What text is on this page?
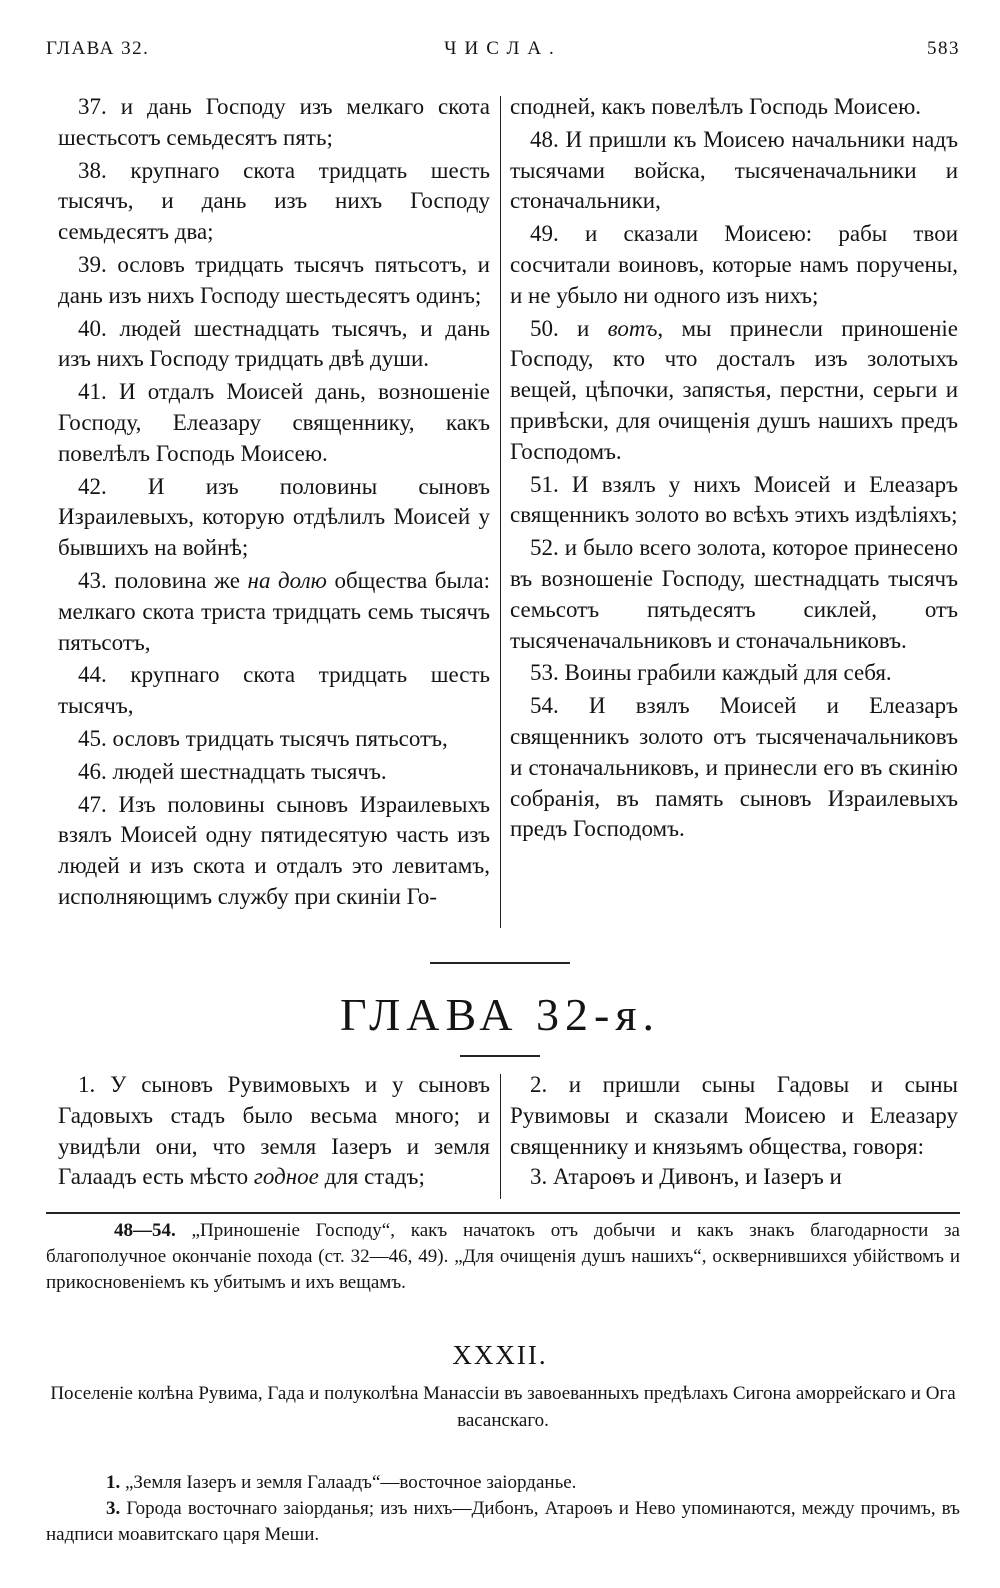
ГЛАВА 32.	ЧИСЛА.	583

37. и дань Господу изъ мелкаго скота шестьсотъ семьдесятъ пять;

38. крупнаго скота тридцать шесть тысячъ, и дань изъ нихъ Господу семьдесятъ два;

39. ословъ тридцать тысячъ пятьсотъ, и дань изъ нихъ Господу шестьдесятъ одинъ;

40. людей шестнадцать тысячъ, и дань изъ нихъ Господу тридцать двѣ души.

41. И отдалъ Моисей дань, возношеніе Господу, Елеазару священнику, какъ повелѣлъ Господь Моисею.

42. И изъ половины сыновъ Израилевыхъ, которую отдѣлилъ Моисей у бывшихъ на войнѣ;

43. половина же на долю общества была: мелкаго скота триста тридцать семь тысячъ пятьсотъ,

44. крупнаго скота тридцать шесть тысячъ,

45. ословъ тридцать тысячъ пятьсотъ,

46. людей шестнадцать тысячъ.

47. Изъ половины сыновъ Израилевыхъ взялъ Моисей одну пятидесятую часть изъ людей и изъ скота и отдалъ это левитамъ, исполняющимъ службу при скиніи Го-

сподней, какъ повелѣлъ Господь Моисею.

48. И пришли къ Моисею начальники надъ тысячами войска, тысяченачальники и стоначальники,

49. и сказали Моисею: рабы твои сосчитали воиновъ, которые намъ поручены, и не убыло ни одного изъ нихъ;

50. и вотъ, мы принесли приношеніе Господу, кто что досталъ изъ золотыхъ вещей, цѣпочки, запястья, перстни, серьги и привѣски, для очищенія душъ нашихъ предъ Господомъ.

51. И взялъ у нихъ Моисей и Елеазаръ священникъ золото во всѣхъ этихъ издѣліяхъ;

52. и было всего золота, которое принесено въ возношеніе Господу, шестнадцать тысячъ семьсотъ пятьдесятъ сиклей, отъ тысяченачальниковъ и стоначальниковъ.

53. Воины грабили каждый для себя.

54. И взялъ Моисей и Елеазаръ священникъ золото отъ тысяченачальниковъ и стоначальниковъ, и принесли его въ скинію собранія, въ память сыновъ Израилевыхъ предъ Господомъ.

ГЛАВА 32-я.

1. У сыновъ Рувимовыхъ и у сыновъ Гадовыхъ стадъ было весьма много; и увидѣли они, что земля Іазеръ и земля Галаадъ есть мѣсто годное для стадъ;

2. и пришли сыны Гадовы и сыны Рувимовы и сказали Моисею и Елеазару священнику и князьямъ общества, говоря:

3. Атароѳъ и Дивонъ, и Іазеръ и

48—54. „Приношеніе Господу“, какъ начатокъ отъ добычи и какъ знакъ благодарности за благополучное окончаніе похода (ст. 32—46, 49). „Для очищенія душъ нашихъ“, осквернившихся убійствомъ и прикосновеніемъ къ убитымъ и ихъ вещамъ.

XXXII.
Поселеніе колѣна Рувима, Гада и полуколѣна Манассіи въ завоеванныхъ предѣлахъ Сигона аморрейскаго и Ога васанскаго.

1. „Земля Іазеръ и земля Галаадъ“—восточное заіорданье.

3. Города восточнаго заіорданья; изъ нихъ—Дибонъ, Атароѳъ и Нево упоминаются, между прочимъ, въ надписи моавитскаго царя Меши.
